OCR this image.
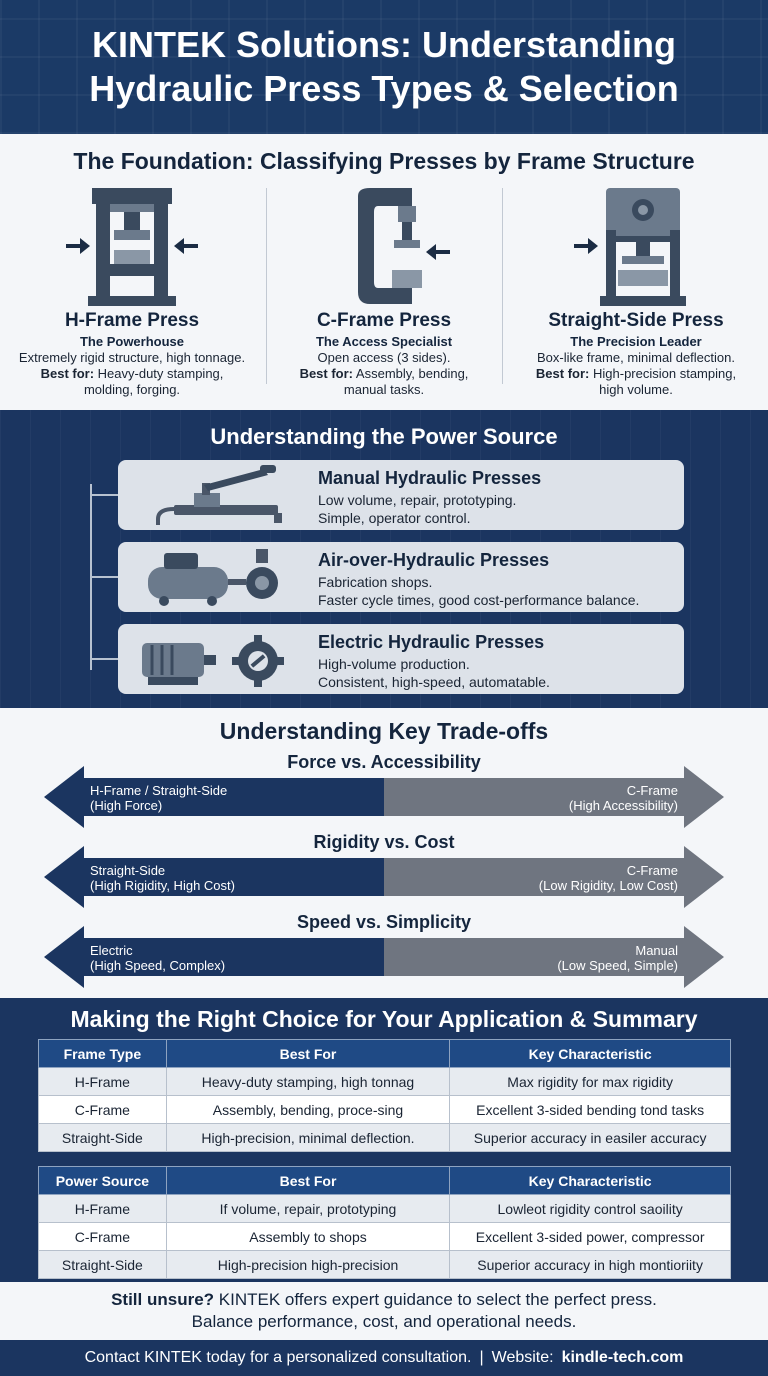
KINTEK Solutions: Understanding
Hydraulic Press Types & Selection
The Foundation: Classifying Presses by Frame Structure
H-Frame Press
The Powerhouse
Extremely rigid structure, high tonnage.
Best for: Heavy-duty stamping,
molding, forging.
C-Frame Press
The Access Specialist
Open access (3 sides).
Best for: Assembly, bending,
manual tasks.
Straight-Side Press
The Precision Leader
Box-like frame, minimal deflection.
Best for: High-precision stamping,
high volume.
Understanding the Power Source
Manual Hydraulic Presses
Low volume, repair, prototyping.
Simple, operator control.
Air-over-Hydraulic Presses
Fabrication shops.
Faster cycle times, good cost-performance balance.
Electric Hydraulic Presses
High-volume production.
Consistent, high-speed, automatable.
Understanding Key Trade-offs
Force vs. Accessibility
H-Frame / Straight-Side
(High Force)
C-Frame
(High Accessibility)
Rigidity vs. Cost
Straight-Side
(High Rigidity, High Cost)
C-Frame
(Low Rigidity, Low Cost)
Speed vs. Simplicity
Electric
(High Speed, Complex)
Manual
(Low Speed, Simple)
Making the Right Choice for Your Application & Summary
Frame Type	Best For	Key Characteristic
H-Frame	Heavy-duty stamping, high tonnag	Max rigidity for max rigidity
C-Frame	Assembly, bending, proce-sing	Excellent 3-sided bending tond tasks
Straight-Side	High-precision, minimal deflection.	Superior accuracy in easiler accuracy
Power Source	Best For	Key Characteristic
H-Frame	If volume, repair, prototyping	Lowleot rigidity control saoility
C-Frame	Assembly to shops	Excellent 3-sided power, compressor
Straight-Side	High-precision high-precision	Superior accuracy in high montioriity
Still unsure? KINTEK offers expert guidance to select the perfect press.
Balance performance, cost, and operational needs.
Contact KINTEK today for a personalized consultation. | Website: kindle-tech.com
